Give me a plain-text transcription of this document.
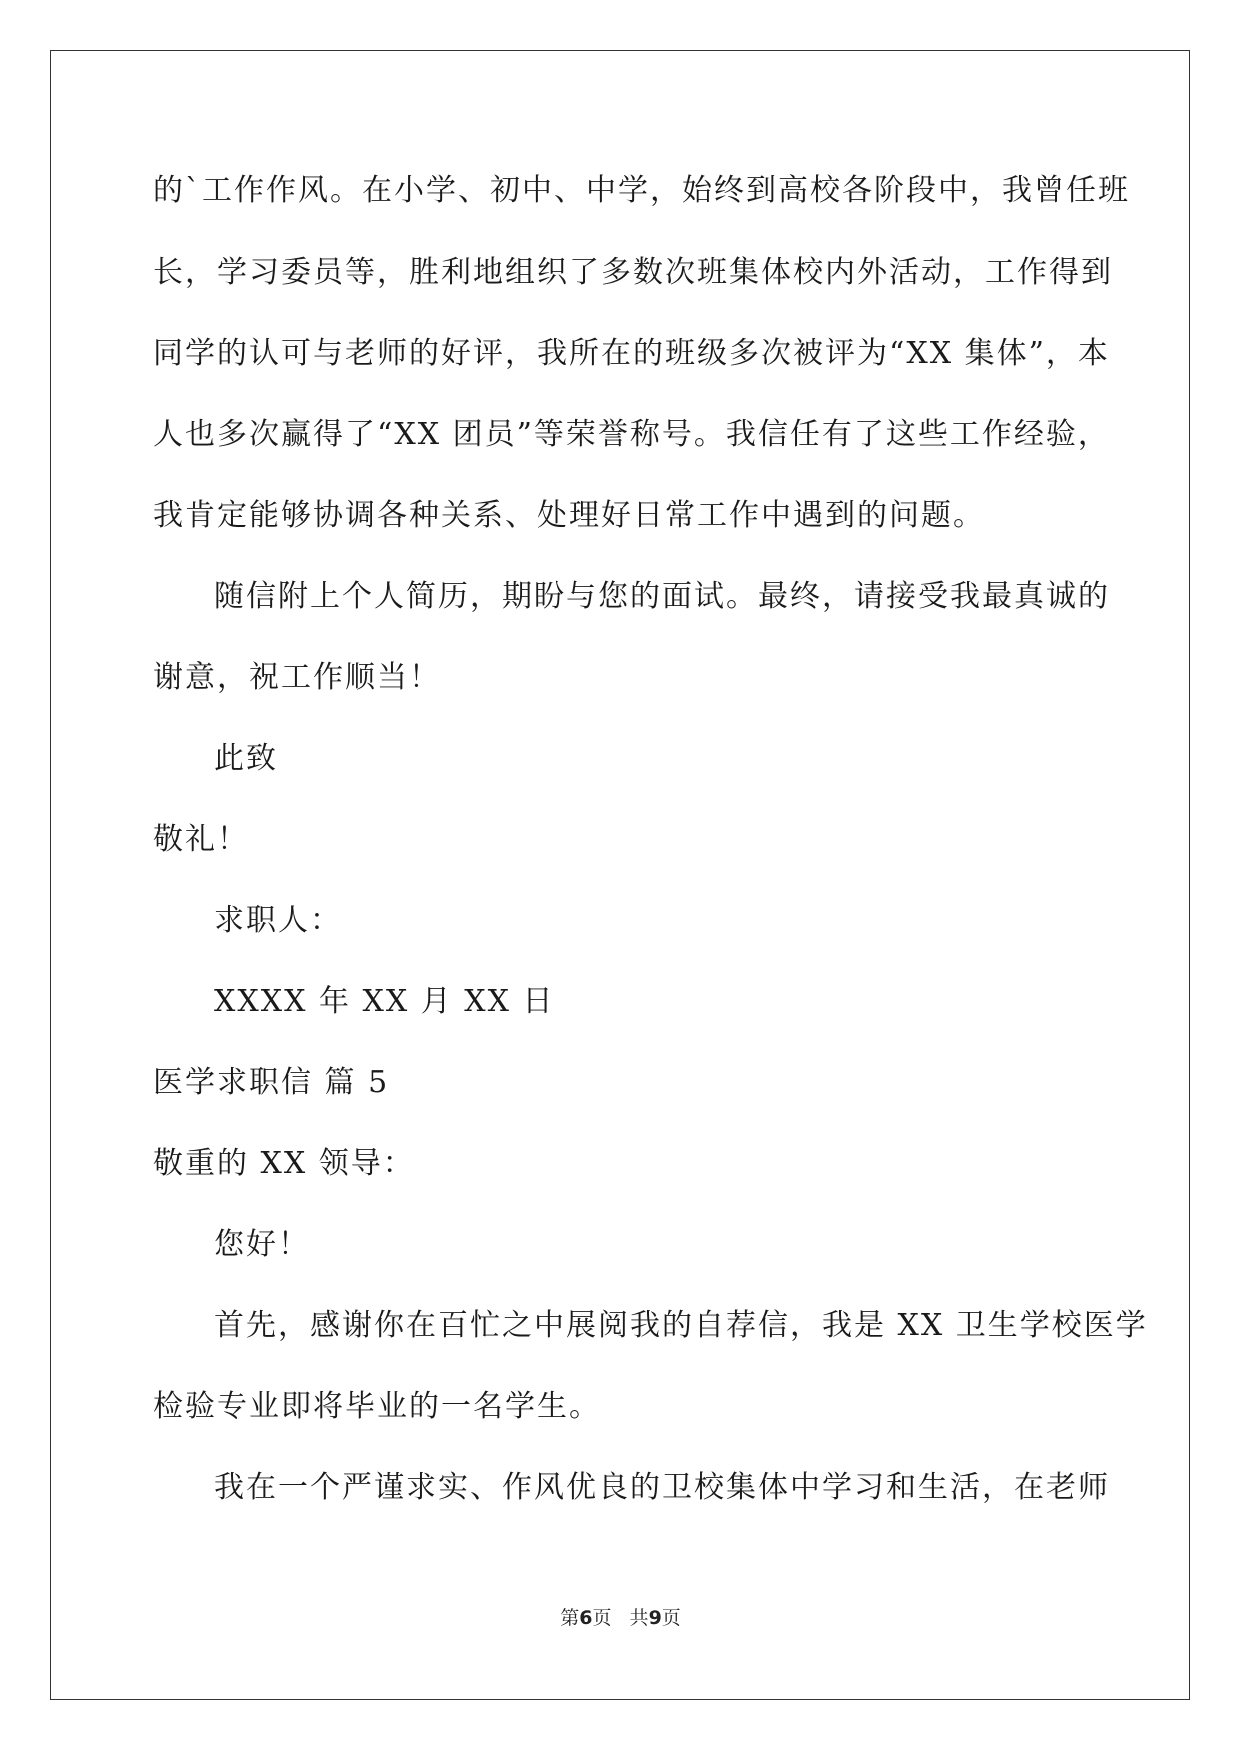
的`工作作风。在小学、初中、中学，始终到高校各阶段中，我曾任班
长，学习委员等，胜利地组织了多数次班集体校内外活动，工作得到
同学的认可与老师的好评，我所在的班级多次被评为“XX 集体”，本
人也多次赢得了“XX 团员”等荣誉称号。我信任有了这些工作经验，
我肯定能够协调各种关系、处理好日常工作中遇到的问题。
随信附上个人简历，期盼与您的面试。最终，请接受我最真诚的
谢意，祝工作顺当！
此致
敬礼！
求职人：
XXXX 年 XX 月 XX 日
医学求职信 篇 5
敬重的 XX 领导：
您好！
首先，感谢你在百忙之中展阅我的自荐信，我是 XX 卫生学校医学
检验专业即将毕业的一名学生。
我在一个严谨求实、作风优良的卫校集体中学习和生活，在老师
第6页   共9页
